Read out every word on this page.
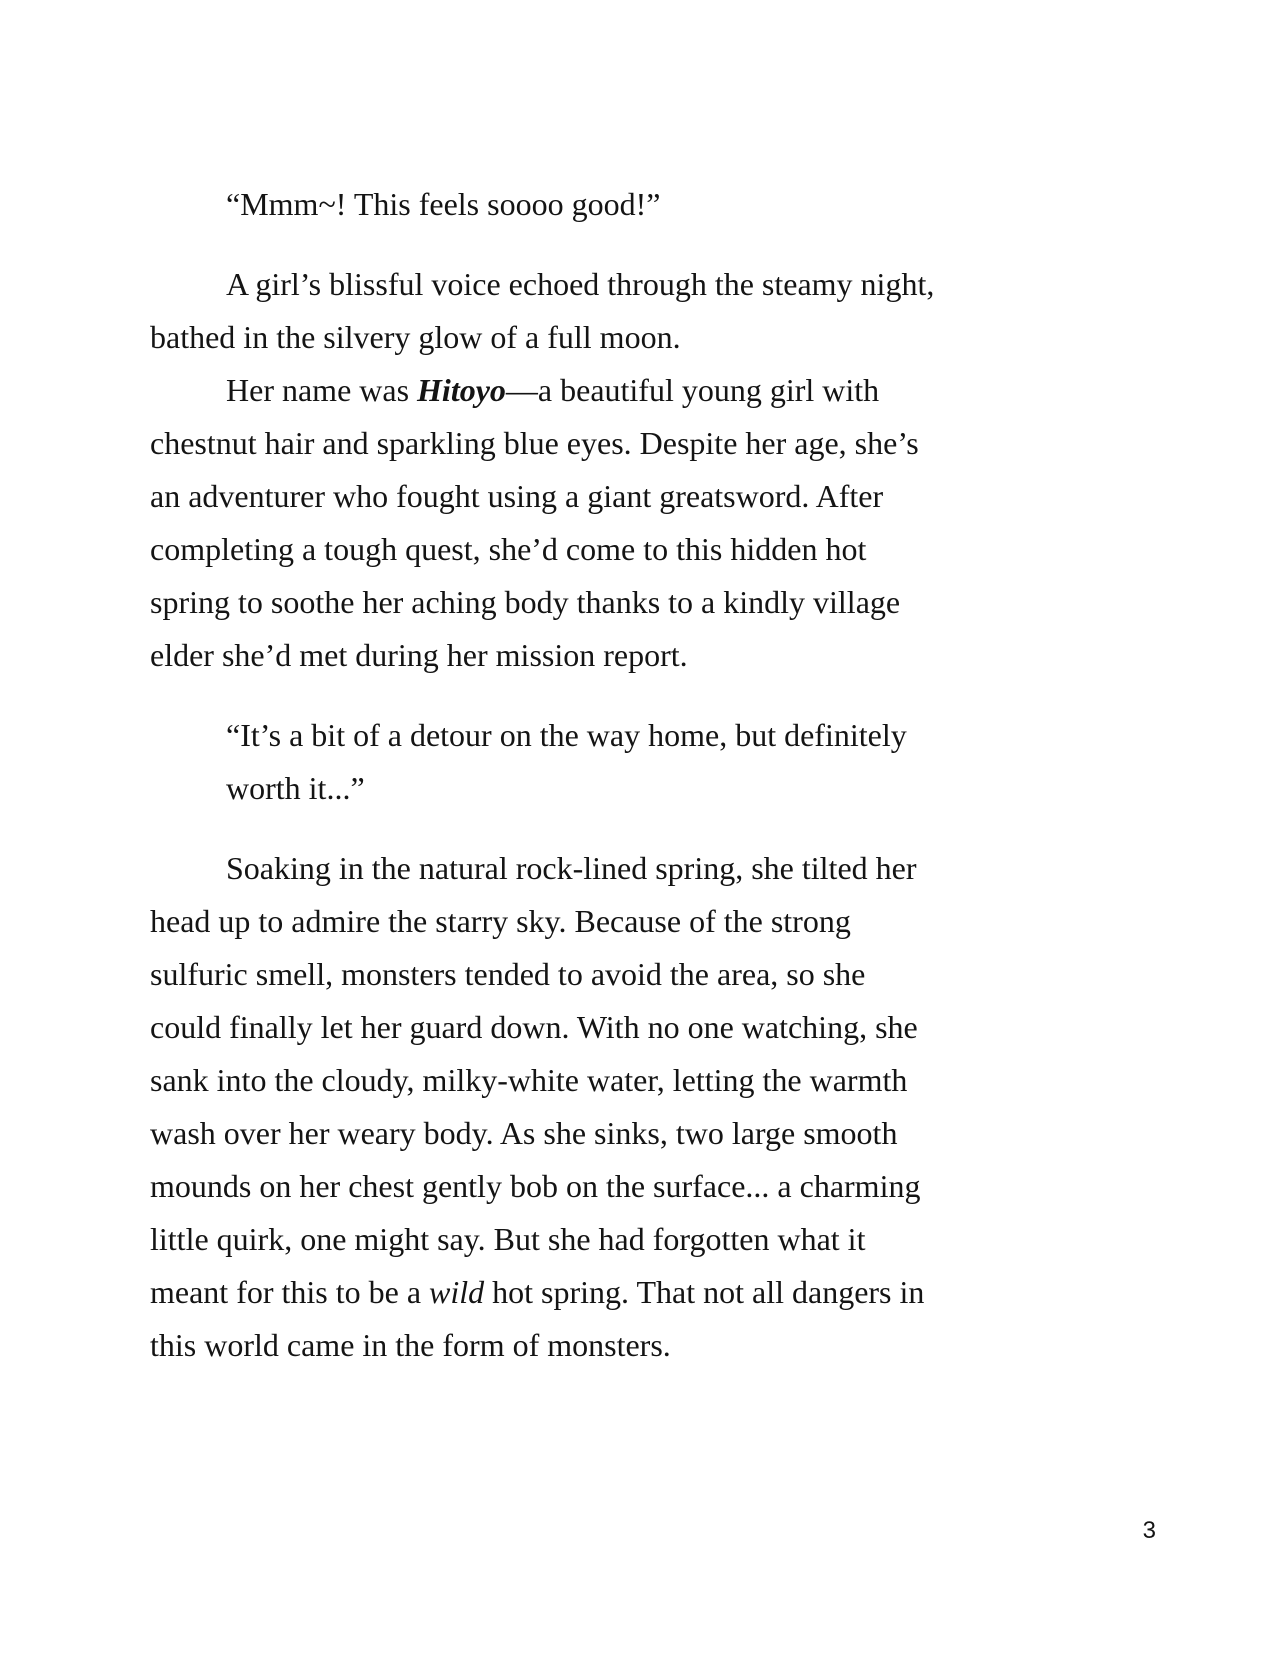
“Mmm~! This feels soooo good!”
A girl’s blissful voice echoed through the steamy night,
bathed in the silvery glow of a full moon.
Her name was Hitoyo—a beautiful young girl with
chestnut hair and sparkling blue eyes. Despite her age, she’s
an adventurer who fought using a giant greatsword. After
completing a tough quest, she’d come to this hidden hot
spring to soothe her aching body thanks to a kindly village
elder she’d met during her mission report.
“It’s a bit of a detour on the way home, but definitely
worth it...”
Soaking in the natural rock-lined spring, she tilted her
head up to admire the starry sky. Because of the strong
sulfuric smell, monsters tended to avoid the area, so she
could finally let her guard down. With no one watching, she
sank into the cloudy, milky-white water, letting the warmth
wash over her weary body. As she sinks, two large smooth
mounds on her chest gently bob on the surface... a charming
little quirk, one might say. But she had forgotten what it
meant for this to be a wild hot spring. That not all dangers in
this world came in the form of monsters.
3
